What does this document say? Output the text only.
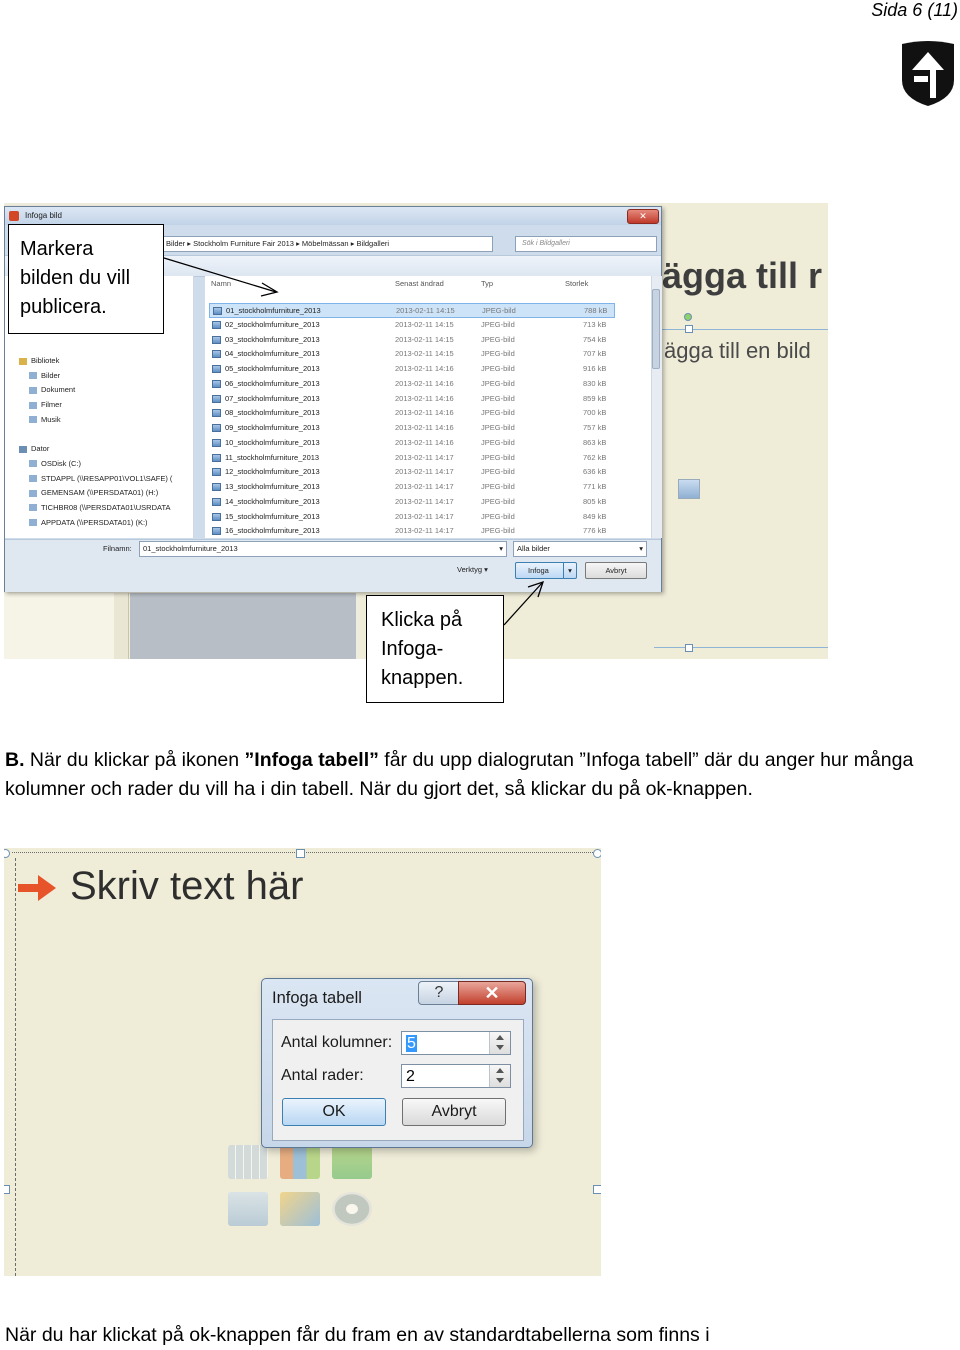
Sida 6 (11)
ägga till r
ägga till en bild
Infoga bild	✕
Bilder ▸ Stockholm Furniture Fair 2013 ▸ Möbelmässan ▸ Bildgalleri	Sök i Bildgalleri
Bibliotek
Bilder
Dokument
Filmer
Musik
Dator
OSDisk (C:)
STDAPPL (\\RESAPP01\VOL1\SAFE) (
GEMENSAM (\\PERSDATA01) (H:)
TICHBR08 (\\PERSDATA01\USRDATA
APPDATA (\\PERSDATA01) (K:)
Namn	Senast ändrad	Typ	Storlek
01_stockholmfurniture_2013	2013-02-11 14:15	JPEG-bild	788 kB
02_stockholmfurniture_2013	2013-02-11 14:15	JPEG-bild	713 kB
03_stockholmfurniture_2013	2013-02-11 14:15	JPEG-bild	754 kB
04_stockholmfurniture_2013	2013-02-11 14:15	JPEG-bild	707 kB
05_stockholmfurniture_2013	2013-02-11 14:16	JPEG-bild	916 kB
06_stockholmfurniture_2013	2013-02-11 14:16	JPEG-bild	830 kB
07_stockholmfurniture_2013	2013-02-11 14:16	JPEG-bild	859 kB
08_stockholmfurniture_2013	2013-02-11 14:16	JPEG-bild	700 kB
09_stockholmfurniture_2013	2013-02-11 14:16	JPEG-bild	757 kB
10_stockholmfurniture_2013	2013-02-11 14:16	JPEG-bild	863 kB
11_stockholmfurniture_2013	2013-02-11 14:17	JPEG-bild	762 kB
12_stockholmfurniture_2013	2013-02-11 14:17	JPEG-bild	636 kB
13_stockholmfurniture_2013	2013-02-11 14:17	JPEG-bild	771 kB
14_stockholmfurniture_2013	2013-02-11 14:17	JPEG-bild	805 kB
15_stockholmfurniture_2013	2013-02-11 14:17	JPEG-bild	849 kB
16_stockholmfurniture_2013	2013-02-11 14:17	JPEG-bild	776 kB
Filnamn:	01_stockholmfurniture_2013	▾	Alla bilder	▾
Verktyg ▾	Infoga	▾	Avbryt
Markera
bilden du vill
publicera.
Klicka på
Infoga-
knappen.
B. När du klickar på ikonen ”Infoga tabell” får du upp dialogrutan ”Infoga tabell” där du anger hur många kolumner och rader du vill ha i din tabell. När du gjort det, så klickar du på ok-knappen.
Skriv text här
Infoga tabell	?	✕
Antal kolumner: 5
Antal rader:	2
OK	Avbryt
När du har klickat på ok-knappen får du fram en av standardtabellerna som finns i
